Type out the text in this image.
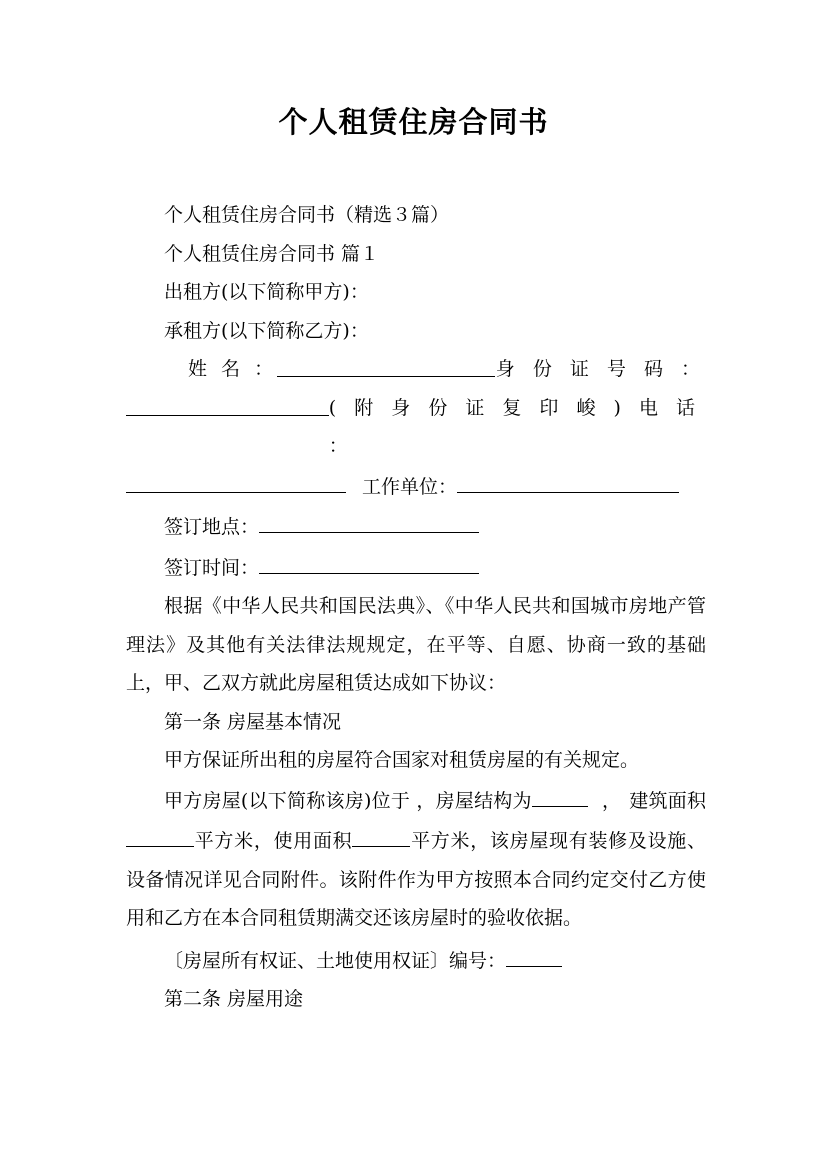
个人租赁住房合同书

个人租赁住房合同书（精选３篇）

个人租赁住房合同书 篇１

出租方(以下简称甲方)：

承租方(以下简称乙方)：

姓 名 ：	身 份 证 号 码 ：

( 附 身 份 证 复 印 峻 ) 电 话 ：

工作单位：

签订地点：

签订时间：

根据《中华人民共和国民法典》、《中华人民共和国城市房地产管理法》及其他有关法律法规规定，在平等、自愿、协商一致的基础上，甲、乙双方就此房屋租赁达成如下协议：

第一条 房屋基本情况

甲方保证所出租的房屋符合国家对租赁房屋的有关规定。

甲方房屋(以下简称该房)位于 ，房屋结构为	，建筑面积平方米，使用面积	平方米，该房屋现有装修及设施、设备情况详见合同附件。该附件作为甲方按照本合同约定交付乙方使用和乙方在本合同租赁期满交还该房屋时的验收依据。

〔房屋所有权证、土地使用权证〕编号：

第二条 房屋用途
